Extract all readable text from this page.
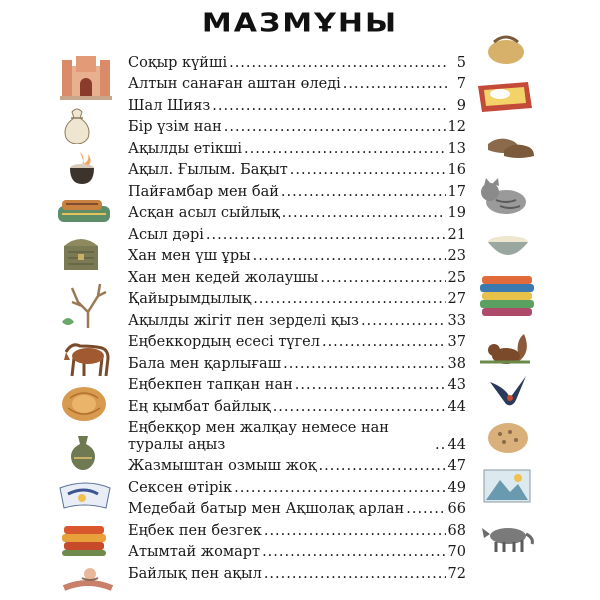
МАЗМҰНЫ
Соқыр күйші .....	5
Алтын санаған аштан өледі .....	7
Шал Шияз .....	9
Бір үзім нан .....	12
Ақылды етікші .....	13
Ақыл. Ғылым. Бақыт .....	16
Пайғамбар мен бай .....	17
Асқан асыл сыйлық .....	19
Асыл дәрі .....	21
Хан мен үш ұры .....	23
Хан мен кедей жолаушы .....	25
Қайырымдылық .....	27
Ақылды жігіт пен зерделі қыз .....	33
Еңбеккордың есесі түгел .....	37
Бала мен қарлығаш .....	38
Еңбекпен тапқан нан .....	43
Ең қымбат байлық .....	44
Еңбекқор мен жалқау немесе нан туралы аңыз .....	44
Жазмыштан озмыш жоқ .....	47
Сексен өтірік .....	49
Медебай батыр мен Ақшолақ арлан .....	66
Еңбек пен безгек .....	68
Атымтай жомарт .....	70
Байлық пен ақыл .....	72
